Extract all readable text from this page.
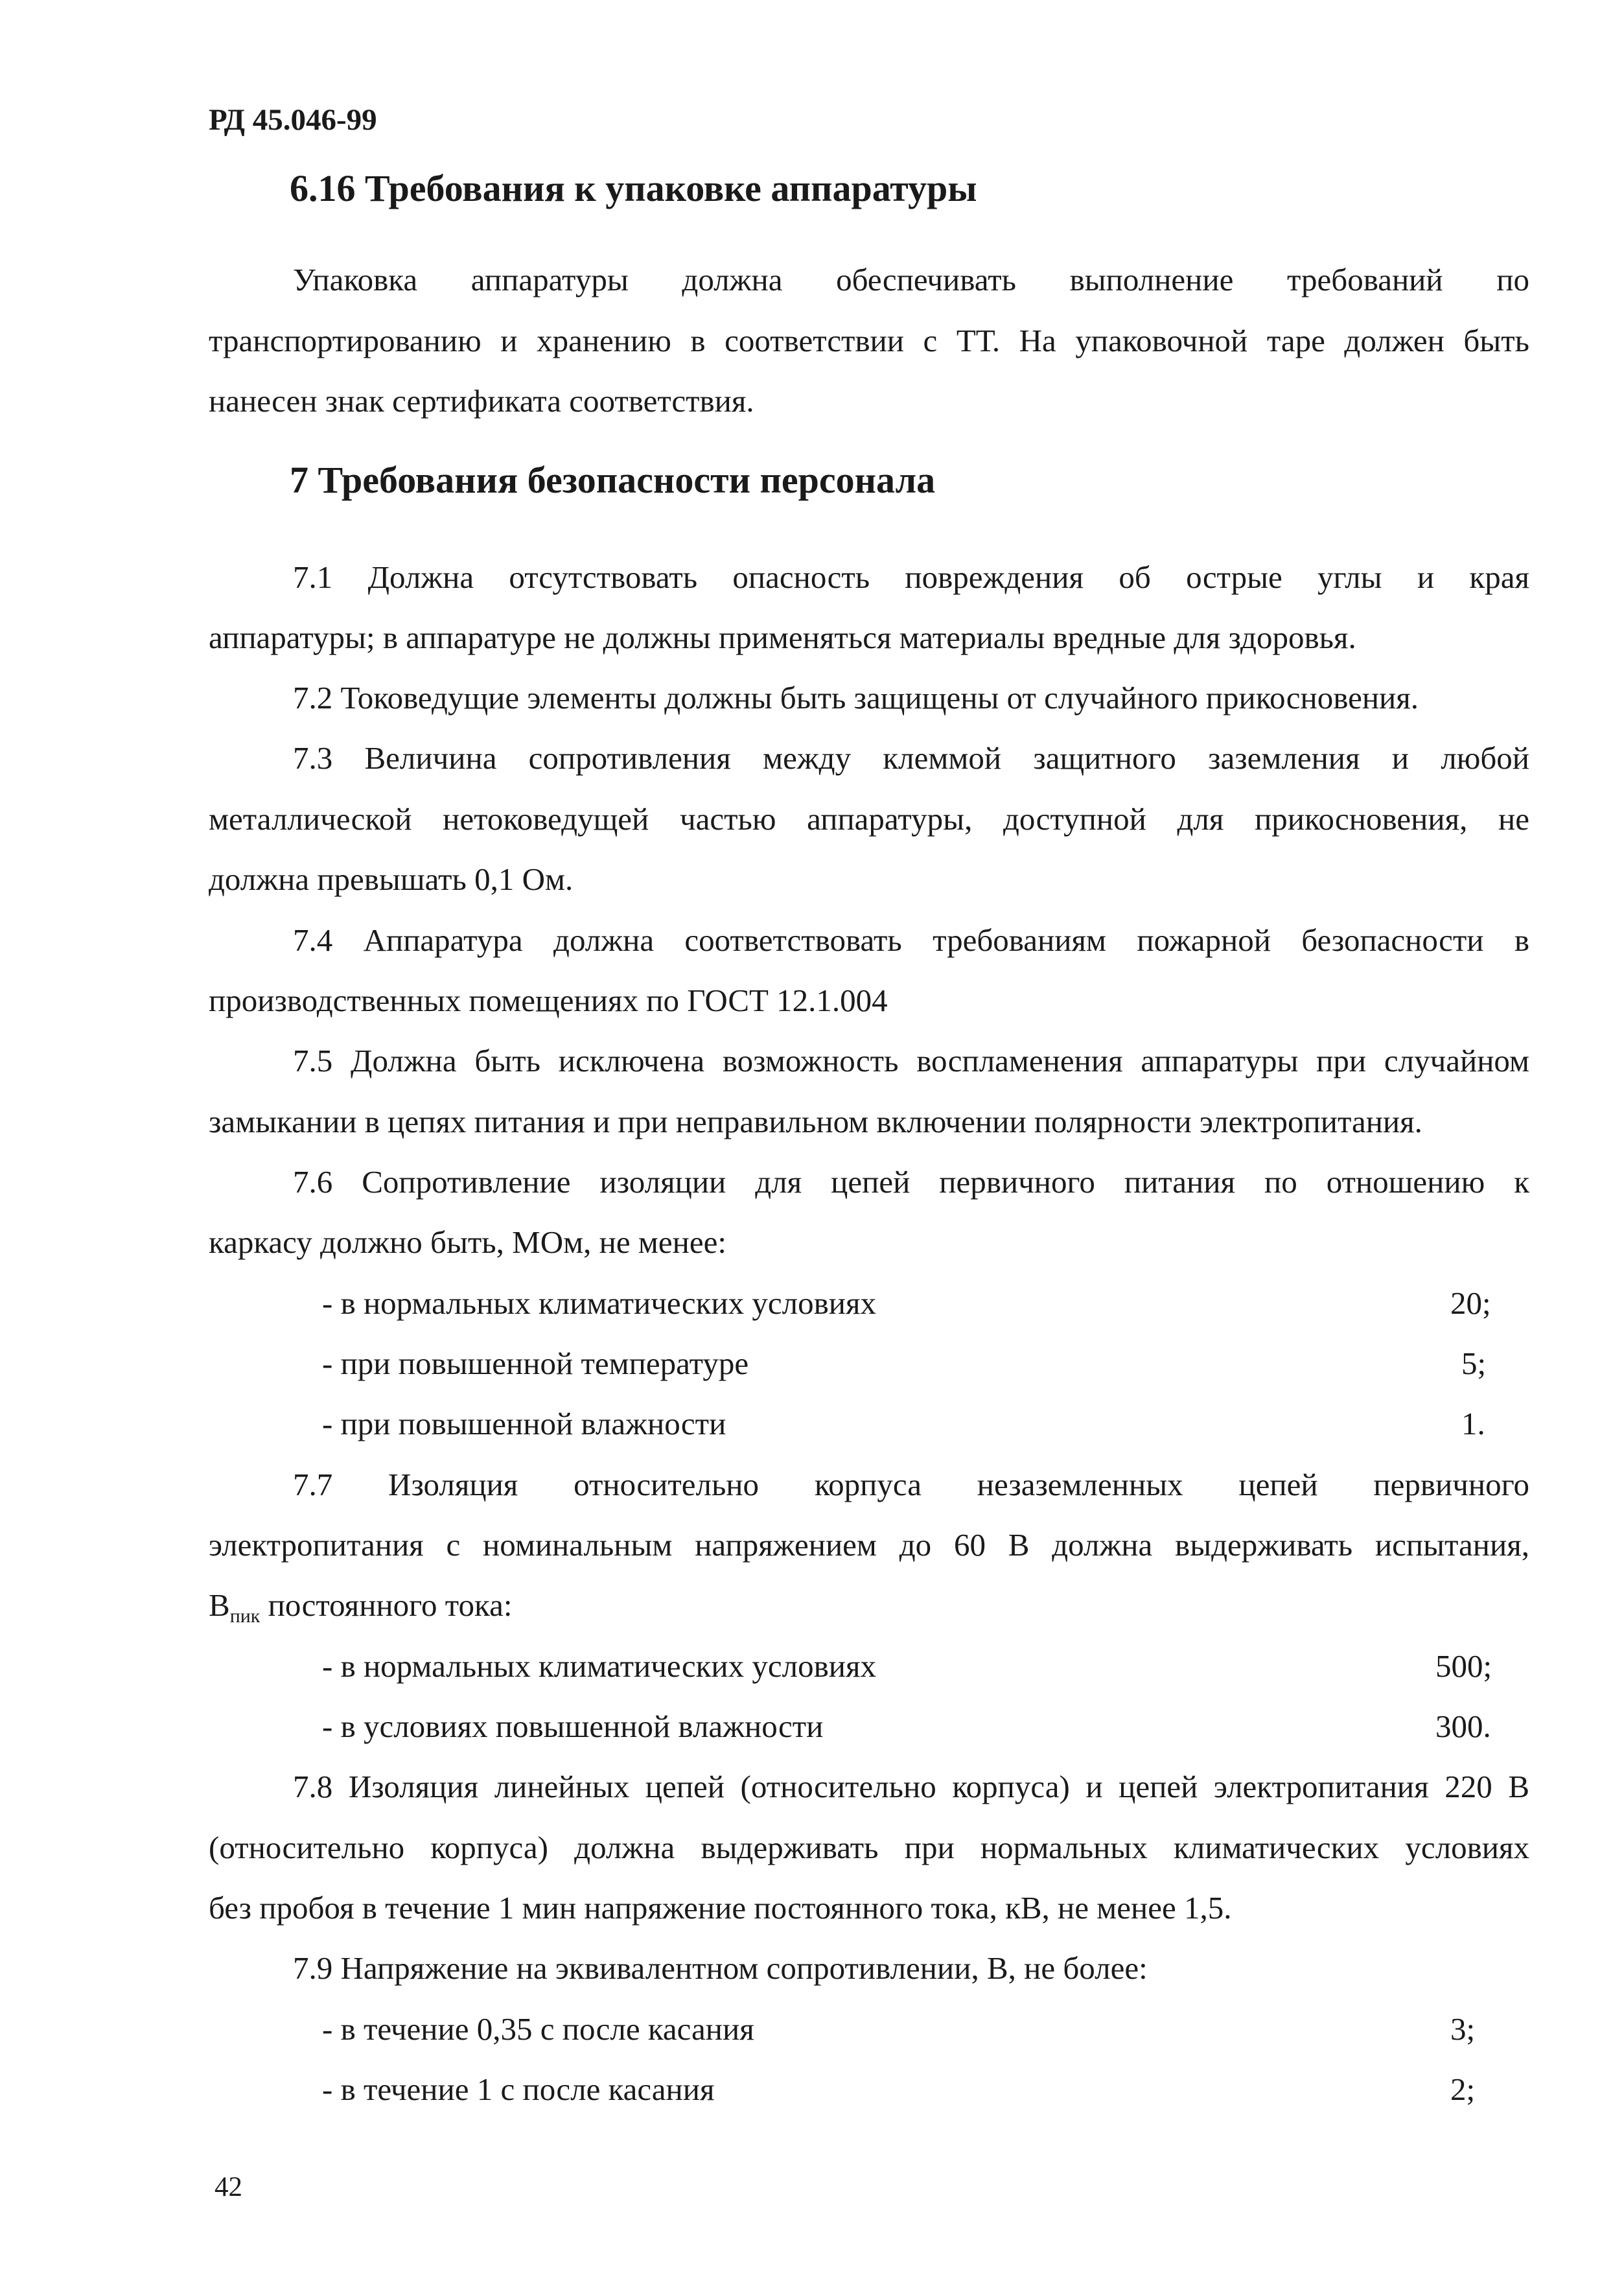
РД 45.046-99
6.16 Требования к упаковке аппаратуры
Упаковка аппаратуры должна обеспечивать выполнение требований по
транспортированию и хранению в соответствии с ТТ. На упаковочной таре должен быть
нанесен знак сертификата соответствия.
7 Требования безопасности персонала
7.1 Должна отсутствовать опасность повреждения об острые углы и края
аппаратуры; в аппаратуре не должны применяться материалы вредные для здоровья.
7.2 Токоведущие элементы должны быть защищены от случайного прикосновения.
7.3 Величина сопротивления между клеммой защитного заземления и любой
металлической нетоковедущей частью аппаратуры, доступной для прикосновения, не
должна превышать 0,1 Ом.
7.4 Аппаратура должна соответствовать требованиям пожарной безопасности в
производственных помещениях по ГОСТ 12.1.004
7.5 Должна быть исключена возможность воспламенения аппаратуры при случайном
замыкании в цепях питания и при неправильном включении полярности электропитания.
7.6 Сопротивление изоляции для цепей первичного питания по отношению к
каркасу должно быть, МОм, не менее:
- в нормальных климатических условиях	20;
- при повышенной температуре	5;
- при повышенной влажности	1.
7.7 Изоляция относительно корпуса незаземленных цепей первичного
электропитания с номинальным напряжением до 60 В должна выдерживать испытания,
$В_{пик}$ постоянного тока:
- в нормальных климатических условиях	500;
- в условиях повышенной влажности	300.
7.8 Изоляция линейных цепей (относительно корпуса) и цепей электропитания 220 В
(относительно корпуса) должна выдерживать при нормальных климатических условиях
без пробоя в течение 1 мин напряжение постоянного тока, кВ, не менее 1,5.
7.9 Напряжение на эквивалентном сопротивлении, В, не более:
- в течение 0,35 с после касания	3;
- в течение 1 с после касания	2;
42
